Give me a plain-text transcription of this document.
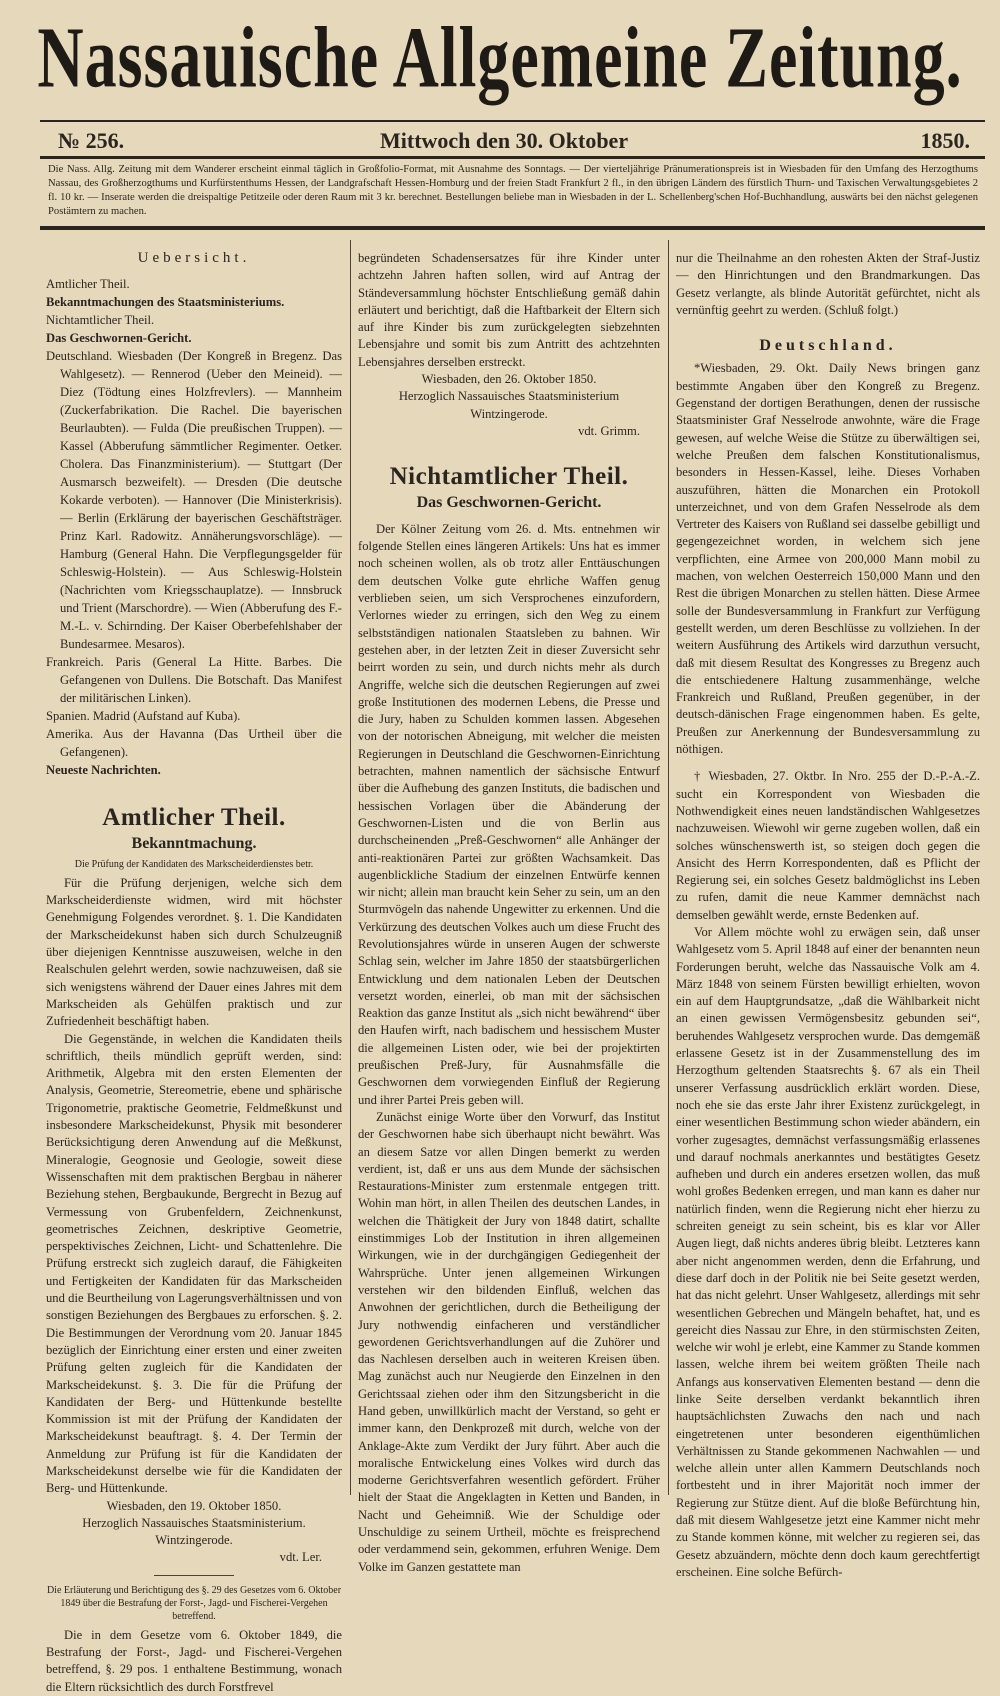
Nassauische Allgemeine Zeitung.
№ 256.	Mittwoch den 30. Oktober	1850.
Die Nass. Allg. Zeitung mit dem Wanderer erscheint einmal täglich in Großfolio-Format, mit Ausnahme des Sonntags. — Der vierteljährige Pränumerationspreis ist in Wiesbaden für den Umfang des Herzogthums Nassau, des Großherzogthums und Kurfürstenthums Hessen, der Landgrafschaft Hessen-Homburg und der freien Stadt Frankfurt 2 fl., in den übrigen Ländern des fürstlich Thurn- und Taxischen Verwaltungsgebietes 2 fl. 10 kr. — Inserate werden die dreispaltige Petitzeile oder deren Raum mit 3 kr. berechnet. Bestellungen beliebe man in Wiesbaden in der L. Schellenberg'schen Hof-Buchhandlung, auswärts bei den nächst gelegenen Postämtern zu machen.
Uebersicht.
Amtlicher Theil.
Bekanntmachungen des Staatsministeriums.
Nichtamtlicher Theil.
Das Geschwornen-Gericht.
Deutschland. Wiesbaden (Der Kongreß in Bregenz. Das Wahlgesetz). — Rennerod (Ueber den Meineid). — Diez (Tödtung eines Holzfrevlers). — Mannheim (Zuckerfabrikation. Die Rachel. Die bayerischen Beurlaubten). — Fulda (Die preußischen Truppen). — Kassel (Abberufung sämmtlicher Regimenter. Oetker. Cholera. Das Finanzministerium). — Stuttgart (Der Ausmarsch bezweifelt). — Dresden (Die deutsche Kokarde verboten). — Hannover (Die Ministerkrisis). — Berlin (Erklärung der bayerischen Geschäftsträger. Prinz Karl. Radowitz. Annäherungsvorschläge). — Hamburg (General Hahn. Die Verpflegungsgelder für Schleswig-Holstein). — Aus Schleswig-Holstein (Nachrichten vom Kriegsschauplatze). — Innsbruck und Trient (Marschordre). — Wien (Abberufung des F.-M.-L. v. Schirnding. Der Kaiser Oberbefehlshaber der Bundesarmee. Mesaros).
Frankreich. Paris (General La Hitte. Barbes. Die Gefangenen von Dullens. Die Botschaft. Das Manifest der militärischen Linken).
Spanien. Madrid (Aufstand auf Kuba).
Amerika. Aus der Havanna (Das Urtheil über die Gefangenen).
Neueste Nachrichten.
Amtlicher Theil.
Bekanntmachung.
Die Prüfung der Kandidaten des Markscheiderdienstes betr.

Für die Prüfung derjenigen, welche sich dem Markscheiderdienste widmen, wird mit höchster Genehmigung Folgendes verordnet. §. 1. Die Kandidaten der Markscheidekunst haben sich durch Schulzeugniß über diejenigen Kenntnisse auszuweisen, welche in den Realschulen gelehrt werden, sowie nachzuweisen, daß sie sich wenigstens während der Dauer eines Jahres mit dem Markscheiden als Gehülfen praktisch und zur Zufriedenheit beschäftigt haben.

Die Gegenstände, in welchen die Kandidaten theils schriftlich, theils mündlich geprüft werden, sind: Arithmetik, Algebra mit den ersten Elementen der Analysis, Geometrie, Stereometrie, ebene und sphärische Trigonometrie, praktische Geometrie, Feldmeßkunst und insbesondere Markscheidekunst, Physik mit besonderer Berücksichtigung deren Anwendung auf die Meßkunst, Mineralogie, Geognosie und Geologie, soweit diese Wissenschaften mit dem praktischen Bergbau in näherer Beziehung stehen, Bergbaukunde, Bergrecht in Bezug auf Vermessung von Grubenfeldern, Zeichnenkunst, geometrisches Zeichnen, deskriptive Geometrie, perspektivisches Zeichnen, Licht- und Schattenlehre. Die Prüfung erstreckt sich zugleich darauf, die Fähigkeiten und Fertigkeiten der Kandidaten für das Markscheiden und die Beurtheilung von Lagerungsverhältnissen und von sonstigen Beziehungen des Bergbaues zu erforschen. §. 2. Die Bestimmungen der Verordnung vom 20. Januar 1845 bezüglich der Einrichtung einer ersten und einer zweiten Prüfung gelten zugleich für die Kandidaten der Markscheidekunst. §. 3. Die für die Prüfung der Kandidaten der Berg- und Hüttenkunde bestellte Kommission ist mit der Prüfung der Kandidaten der Markscheidekunst beauftragt. §. 4. Der Termin der Anmeldung zur Prüfung ist für die Kandidaten der Markscheidekunst derselbe wie für die Kandidaten der Berg- und Hüttenkunde.

Wiesbaden, den 19. Oktober 1850.

Herzoglich Nassauisches Staatsministerium.

Wintzingerode.

vdt. Ler.

Die Erläuterung und Berichtigung des §. 29 des Gesetzes vom 6. Oktober 1849 über die Bestrafung der Forst-, Jagd- und Fischerei-Vergehen betreffend.

Die in dem Gesetze vom 6. Oktober 1849, die Bestrafung der Forst-, Jagd- und Fischerei-Vergehen betreffend, §. 29 pos. 1 enthaltene Bestimmung, wonach die Eltern rücksichtlich des durch Forstfrevel

begründeten Schadensersatzes für ihre Kinder unter achtzehn Jahren haften sollen, wird auf Antrag der Ständeversammlung höchster Entschließung gemäß dahin erläutert und berichtigt, daß die Haftbarkeit der Eltern sich auf ihre Kinder bis zum zurückgelegten siebzehnten Lebensjahre und somit bis zum Antritt des achtzehnten Lebensjahres derselben erstreckt.

Wiesbaden, den 26. Oktober 1850.

Herzoglich Nassauisches Staatsministerium

Wintzingerode.

vdt. Grimm.

Nichtamtlicher Theil.
Das Geschwornen-Gericht.

Der Kölner Zeitung vom 26. d. Mts. entnehmen wir folgende Stellen eines längeren Artikels: Uns hat es immer noch scheinen wollen, als ob trotz aller Enttäuschungen dem deutschen Volke gute ehrliche Waffen genug verblieben seien, um sich Versprochenes einzufordern, Verlornes wieder zu erringen, sich den Weg zu einem selbstständigen nationalen Staatsleben zu bahnen. Wir gestehen aber, in der letzten Zeit in dieser Zuversicht sehr beirrt worden zu sein, und durch nichts mehr als durch Angriffe, welche sich die deutschen Regierungen auf zwei große Institutionen des modernen Lebens, die Presse und die Jury, haben zu Schulden kommen lassen. Abgesehen von der notorischen Abneigung, mit welcher die meisten Regierungen in Deutschland die Geschwornen-Einrichtung betrachten, mahnen namentlich der sächsische Entwurf über die Aufhebung des ganzen Instituts, die badischen und hessischen Vorlagen über die Abänderung der Geschwornen-Listen und die von Berlin aus durchscheinenden „Preß-Geschwornen“ alle Anhänger der anti-reaktionären Partei zur größten Wachsamkeit. Das augenblickliche Stadium der einzelnen Entwürfe kennen wir nicht; allein man braucht kein Seher zu sein, um an den Sturmvögeln das nahende Ungewitter zu erkennen. Und die Verkürzung des deutschen Volkes auch um diese Frucht des Revolutionsjahres würde in unseren Augen der schwerste Schlag sein, welcher im Jahre 1850 der staatsbürgerlichen Entwicklung und dem nationalen Leben der Deutschen versetzt worden, einerlei, ob man mit der sächsischen Reaktion das ganze Institut als „sich nicht bewährend“ über den Haufen wirft, nach badischem und hessischem Muster die allgemeinen Listen oder, wie bei der projektirten preußischen Preß-Jury, für Ausnahmsfälle die Geschwornen dem vorwiegenden Einfluß der Regierung und ihrer Partei Preis geben will.

Zunächst einige Worte über den Vorwurf, das Institut der Geschwornen habe sich überhaupt nicht bewährt. Was an diesem Satze vor allen Dingen bemerkt zu werden verdient, ist, daß er uns aus dem Munde der sächsischen Restaurations-Minister zum erstenmale entgegen tritt. Wohin man hört, in allen Theilen des deutschen Landes, in welchen die Thätigkeit der Jury von 1848 datirt, schallte einstimmiges Lob der Institution in ihren allgemeinen Wirkungen, wie in der durchgängigen Gediegenheit der Wahrsprüche. Unter jenen allgemeinen Wirkungen verstehen wir den bildenden Einfluß, welchen das Anwohnen der gerichtlichen, durch die Betheiligung der Jury nothwendig einfacheren und verständlicher gewordenen Gerichtsverhandlungen auf die Zuhörer und das Nachlesen derselben auch in weiteren Kreisen üben. Mag zunächst auch nur Neugierde den Einzelnen in den Gerichtssaal ziehen oder ihm den Sitzungsbericht in die Hand geben, unwillkürlich macht der Verstand, so geht er immer kann, den Denkprozeß mit durch, welche von der Anklage-Akte zum Verdikt der Jury führt. Aber auch die moralische Entwickelung eines Volkes wird durch das moderne Gerichtsverfahren wesentlich gefördert. Früher hielt der Staat die Angeklagten in Ketten und Banden, in Nacht und Geheimniß. Wie der Schuldige oder Unschuldige zu seinem Urtheil, möchte es freisprechend oder verdammend sein, gekommen, erfuhren Wenige. Dem Volke im Ganzen gestattete man

nur die Theilnahme an den rohesten Akten der Straf-Justiz — den Hinrichtungen und den Brandmarkungen. Das Gesetz verlangte, als blinde Autorität gefürchtet, nicht als vernünftig geehrt zu werden. (Schluß folgt.)

Deutschland.

*Wiesbaden, 29. Okt. Daily News bringen ganz bestimmte Angaben über den Kongreß zu Bregenz. Gegenstand der dortigen Berathungen, denen der russische Staatsminister Graf Nesselrode anwohnte, wäre die Frage gewesen, auf welche Weise die Stütze zu überwältigen sei, welche Preußen dem falschen Konstitutionalismus, besonders in Hessen-Kassel, leihe. Dieses Vorhaben auszuführen, hätten die Monarchen ein Protokoll unterzeichnet, und von dem Grafen Nesselrode als dem Vertreter des Kaisers von Rußland sei dasselbe gebilligt und gegengezeichnet worden, in welchem sich jene verpflichten, eine Armee von 200,000 Mann mobil zu machen, von welchen Oesterreich 150,000 Mann und den Rest die übrigen Monarchen zu stellen hätten. Diese Armee solle der Bundesversammlung in Frankfurt zur Verfügung gestellt werden, um deren Beschlüsse zu vollziehen. In der weitern Ausführung des Artikels wird darzuthun versucht, daß mit diesem Resultat des Kongresses zu Bregenz auch die entschiedenere Haltung zusammenhänge, welche Frankreich und Rußland, Preußen gegenüber, in der deutsch-dänischen Frage eingenommen haben. Es gelte, Preußen zur Anerkennung der Bundesversammlung zu nöthigen.

† Wiesbaden, 27. Oktbr. In Nro. 255 der D.-P.-A.-Z. sucht ein Korrespondent von Wiesbaden die Nothwendigkeit eines neuen landständischen Wahlgesetzes nachzuweisen. Wiewohl wir gerne zugeben wollen, daß ein solches wünschenswerth ist, so steigen doch gegen die Ansicht des Herrn Korrespondenten, daß es Pflicht der Regierung sei, ein solches Gesetz baldmöglichst ins Leben zu rufen, damit die neue Kammer demnächst nach demselben gewählt werde, ernste Bedenken auf.

Vor Allem möchte wohl zu erwägen sein, daß unser Wahlgesetz vom 5. April 1848 auf einer der benannten neun Forderungen beruht, welche das Nassauische Volk am 4. März 1848 von seinem Fürsten bewilligt erhielten, wovon ein auf dem Hauptgrundsatze, „daß die Wählbarkeit nicht an einen gewissen Vermögensbesitz gebunden sei“, beruhendes Wahlgesetz versprochen wurde. Das demgemäß erlassene Gesetz ist in der Zusammenstellung des im Herzogthum geltenden Staatsrechts §. 67 als ein Theil unserer Verfassung ausdrücklich erklärt worden. Diese, noch ehe sie das erste Jahr ihrer Existenz zurückgelegt, in einer wesentlichen Bestimmung schon wieder abändern, ein vorher zugesagtes, demnächst verfassungsmäßig erlassenes und darauf nochmals anerkanntes und bestätigtes Gesetz aufheben und durch ein anderes ersetzen wollen, das muß wohl großes Bedenken erregen, und man kann es daher nur natürlich finden, wenn die Regierung nicht eher hierzu zu schreiten geneigt zu sein scheint, bis es klar vor Aller Augen liegt, daß nichts anderes übrig bleibt. Letzteres kann aber nicht angenommen werden, denn die Erfahrung, und diese darf doch in der Politik nie bei Seite gesetzt werden, hat das nicht gelehrt. Unser Wahlgesetz, allerdings mit sehr wesentlichen Gebrechen und Mängeln behaftet, hat, und es gereicht dies Nassau zur Ehre, in den stürmischsten Zeiten, welche wir wohl je erlebt, eine Kammer zu Stande kommen lassen, welche ihrem bei weitem größten Theile nach Anfangs aus konservativen Elementen bestand — denn die linke Seite derselben verdankt bekanntlich ihren hauptsächlichsten Zuwachs den nach und nach eingetretenen unter besonderen eigenthümlichen Verhältnissen zu Stande gekommenen Nachwahlen — und welche allein unter allen Kammern Deutschlands noch fortbesteht und in ihrer Majorität noch immer der Regierung zur Stütze dient. Auf die bloße Befürchtung hin, daß mit diesem Wahlgesetze jetzt eine Kammer nicht mehr zu Stande kommen könne, mit welcher zu regieren sei, das Gesetz abzuändern, möchte denn doch kaum gerechtfertigt erscheinen. Eine solche Befürch-
